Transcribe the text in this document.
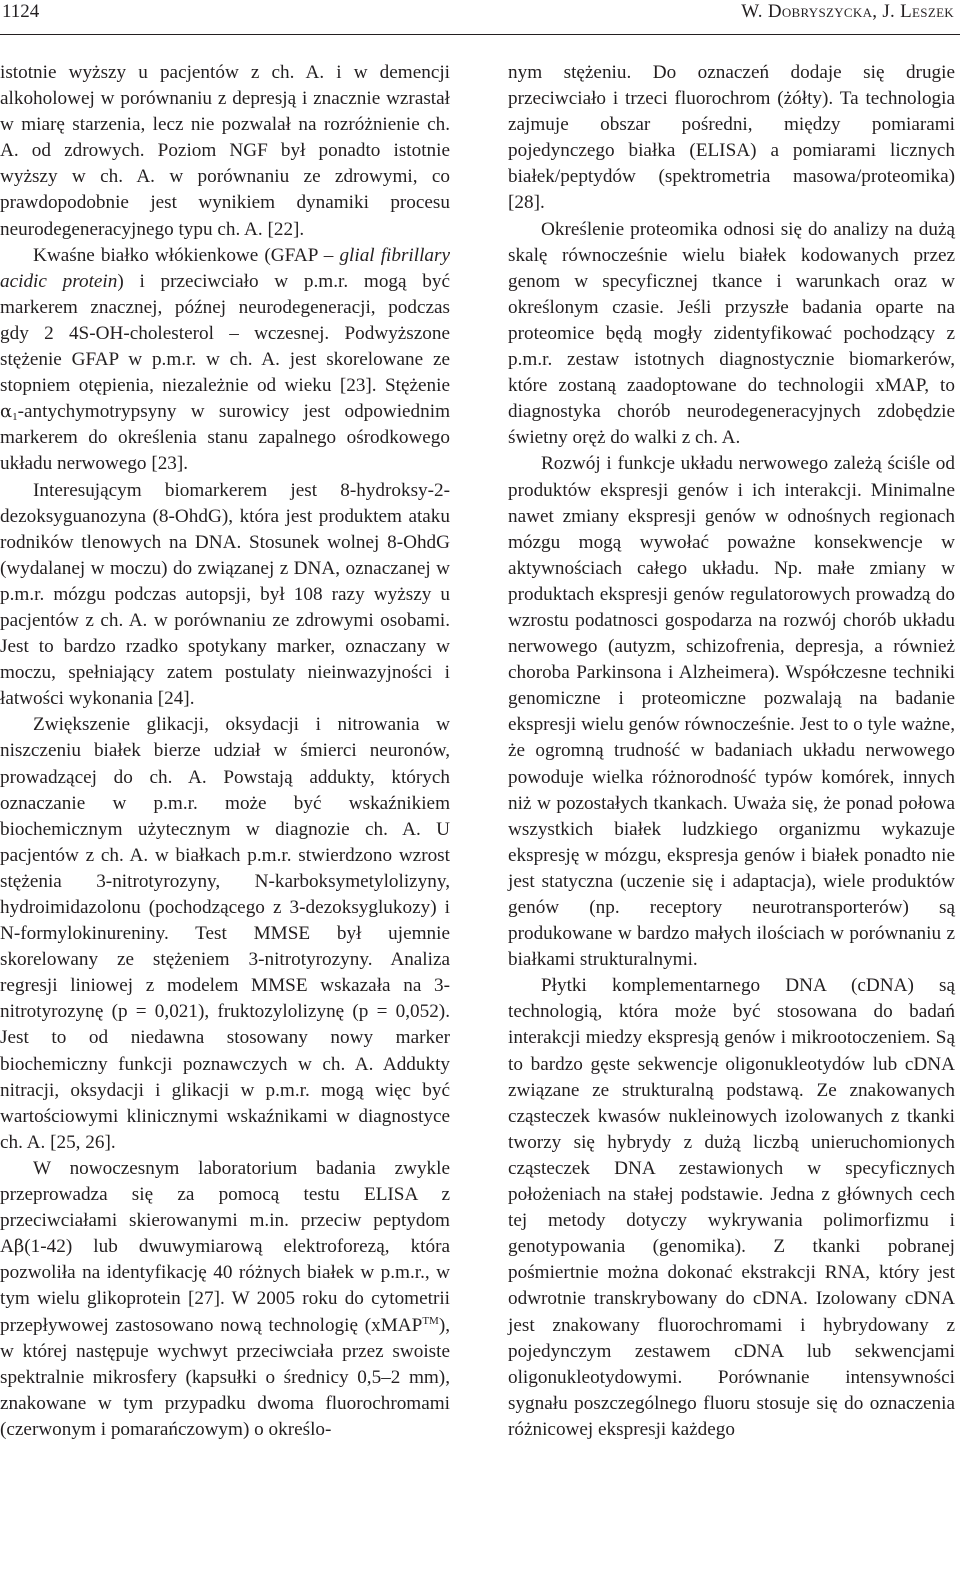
1124	W. Dobryszycka, J. Leszek

istotnie wyższy u pacjentów z ch. A. i w demencji alkoholowej w porównaniu z depresją i znacznie wzrastał w miarę starzenia, lecz nie pozwalał na rozróżnienie ch. A. od zdrowych. Poziom NGF był ponadto istotnie wyższy w ch. A. w porównaniu ze zdrowymi, co prawdopodobnie jest wynikiem dynamiki procesu neurodegeneracyjnego typu ch. A. [22].

Kwaśne białko włókienkowe (GFAP – glial fibrillary acidic protein) i przeciwciało w p.m.r. mogą być markerem znacznej, późnej neurodegeneracji, podczas gdy 2 4S-OH-cholesterol – wczesnej. Podwyższone stężenie GFAP w p.m.r. w ch. A. jest skorelowane ze stopniem otępienia, niezależnie od wieku [23]. Stężenie $\alpha_1$-antychymotrypsyny w surowicy jest odpowiednim markerem do określenia stanu zapalnego ośrodkowego układu nerwowego [23].

Interesującym biomarkerem jest 8-hydroksy-2-dezoksyguanozyna (8-OhdG), która jest produktem ataku rodników tlenowych na DNA. Stosunek wolnej 8-OhdG (wydalanej w moczu) do związanej z DNA, oznaczanej w p.m.r. mózgu podczas autopsji, był 108 razy wyższy u pacjentów z ch. A. w porównaniu ze zdrowymi osobami. Jest to bardzo rzadko spotykany marker, oznaczany w moczu, spełniający zatem postulaty nieinwazyjności i łatwości wykonania [24].

Zwiększenie glikacji, oksydacji i nitrowania w niszczeniu białek bierze udział w śmierci neuronów, prowadzącej do ch. A. Powstają addukty, których oznaczanie w p.m.r. może być wskaźnikiem biochemicznym użytecznym w diagnozie ch. A. U pacjentów z ch. A. w białkach p.m.r. stwierdzono wzrost stężenia 3-nitrotyrozyny, N-karboksymetylolizyny, hydroimidazolonu (pochodzącego z 3-dezoksyglukozy) i N-formylokinureniny. Test MMSE był ujemnie skorelowany ze stężeniem 3-nitrotyrozyny. Analiza regresji liniowej z modelem MMSE wskazała na 3-nitrotyrozynę (p = 0,021), fruktozylolizynę (p = 0,052). Jest to od niedawna stosowany nowy marker biochemiczny funkcji poznawczych w ch. A. Addukty nitracji, oksydacji i glikacji w p.m.r. mogą więc być wartościowymi klinicznymi wskaźnikami w diagnostyce ch. A. [25, 26].

W nowoczesnym laboratorium badania zwykle przeprowadza się za pomocą testu ELISA z przeciwciałami skierowanymi m.in. przeciw peptydom Aβ(1-42) lub dwuwymiarową elektroforezą, która pozwoliła na identyfikację 40 różnych białek w p.m.r., w tym wielu glikoprotein [27]. W 2005 roku do cytometrii przepływowej zastosowano nową technologię (xMAP™), w której następuje wychwyt przeciwciała przez swoiste spektralnie mikrosfery (kapsułki o średnicy 0,5–2 mm), znakowane w tym przypadku dwoma fluorochromami (czerwonym i pomarańczowym) o określo-

nym stężeniu. Do oznaczeń dodaje się drugie przeciwciało i trzeci fluorochrom (żółty). Ta technologia zajmuje obszar pośredni, między pomiarami pojedynczego białka (ELISA) a pomiarami licznych białek/peptydów (spektrometria masowa/proteomika) [28].

Określenie proteomika odnosi się do analizy na dużą skalę równocześnie wielu białek kodowanych przez genom w specyficznej tkance i warunkach oraz w określonym czasie. Jeśli przyszłe badania oparte na proteomice będą mogły zidentyfikować pochodzący z p.m.r. zestaw istotnych diagnostycznie biomarkerów, które zostaną zaadoptowane do technologii xMAP, to diagnostyka chorób neurodegeneracyjnych zdobędzie świetny oręż do walki z ch. A.

Rozwój i funkcje układu nerwowego zależą ściśle od produktów ekspresji genów i ich interakcji. Minimalne nawet zmiany ekspresji genów w odnośnych regionach mózgu mogą wywołać poważne konsekwencje w aktywnościach całego układu. Np. małe zmiany w produktach ekspresji genów regulatorowych prowadzą do wzrostu podatnosci gospodarza na rozwój chorób układu nerwowego (autyzm, schizofrenia, depresja, a również choroba Parkinsona i Alzheimera). Współczesne techniki genomiczne i proteomiczne pozwalają na badanie ekspresji wielu genów równocześnie. Jest to o tyle ważne, że ogromną trudność w badaniach układu nerwowego powoduje wielka różnorodność typów komórek, innych niż w pozostałych tkankach. Uważa się, że ponad połowa wszystkich białek ludzkiego organizmu wykazuje ekspresję w mózgu, ekspresja genów i białek ponadto nie jest statyczna (uczenie się i adaptacja), wiele produktów genów (np. receptory neurotransporterów) są produkowane w bardzo małych ilościach w porównaniu z białkami strukturalnymi.

Płytki komplementarnego DNA (cDNA) są technologią, która może być stosowana do badań interakcji miedzy ekspresją genów i mikrootoczeniem. Są to bardzo gęste sekwencje oligonukleotydów lub cDNA związane ze strukturalną podstawą. Ze znakowanych cząsteczek kwasów nukleinowych izolowanych z tkanki tworzy się hybrydy z dużą liczbą unieruchomionych cząsteczek DNA zestawionych w specyficznych położeniach na stałej podstawie. Jedna z głównych cech tej metody dotyczy wykrywania polimorfizmu i genotypowania (genomika). Z tkanki pobranej pośmiertnie można dokonać ekstrakcji RNA, który jest odwrotnie transkrybowany do cDNA. Izolowany cDNA jest znakowany fluorochromami i hybrydowany z pojedynczym zestawem cDNA lub sekwencjami oligonukleotydowymi. Porównanie intensywności sygnału poszczególnego fluoru stosuje się do oznaczenia różnicowej ekspresji każdego
